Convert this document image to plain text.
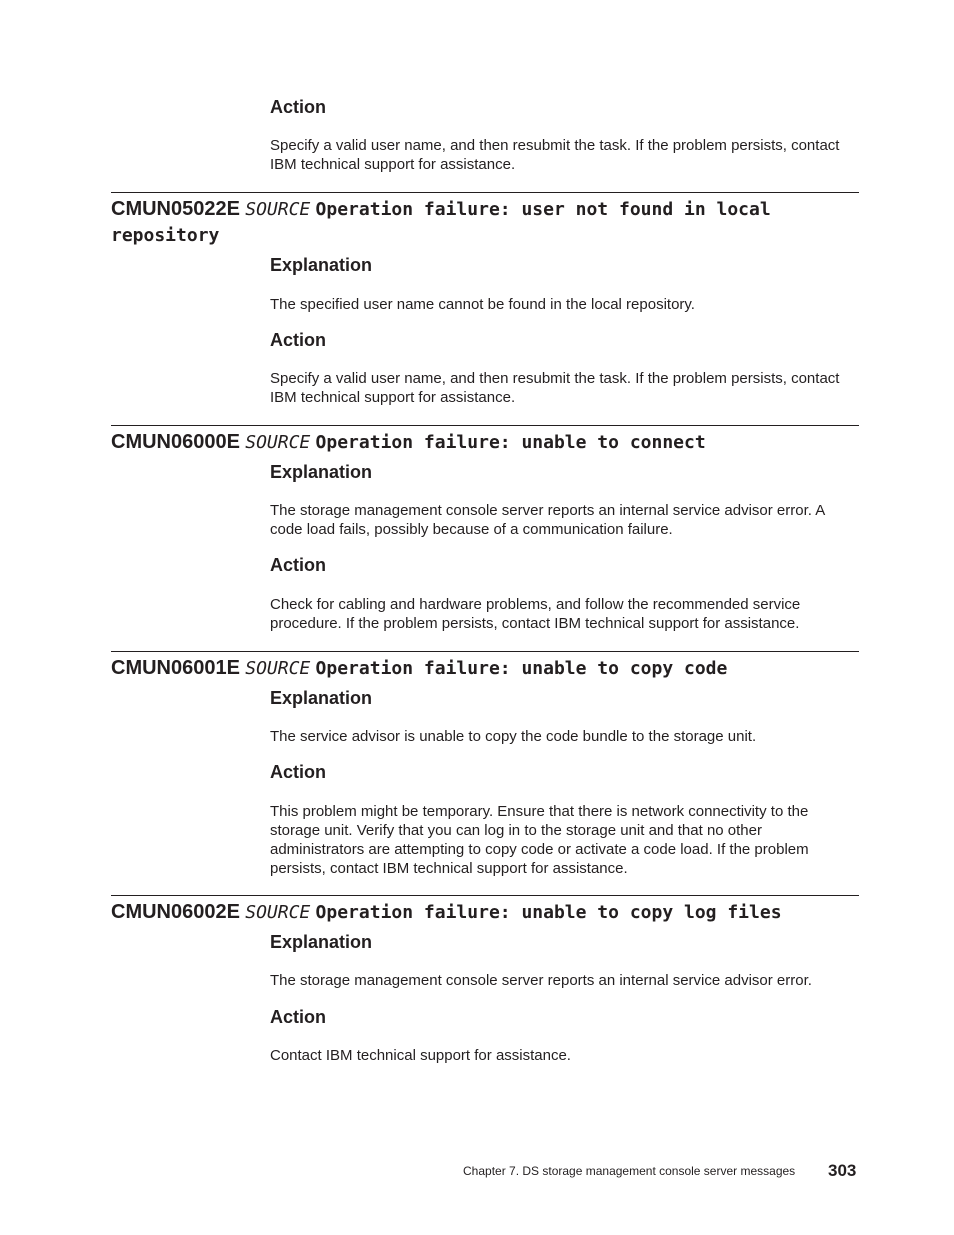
Action

Specify a valid user name, and then resubmit the task. If the problem persists, contact IBM technical support for assistance.

CMUN05022E SOURCE Operation failure: user not found in local repository
Explanation

The specified user name cannot be found in the local repository.

Action

Specify a valid user name, and then resubmit the task. If the problem persists, contact IBM technical support for assistance.

CMUN06000E SOURCE Operation failure: unable to connect
Explanation

The storage management console server reports an internal service advisor error. A code load fails, possibly because of a communication failure.

Action

Check for cabling and hardware problems, and follow the recommended service procedure. If the problem persists, contact IBM technical support for assistance.

CMUN06001E SOURCE Operation failure: unable to copy code
Explanation

The service advisor is unable to copy the code bundle to the storage unit.

Action

This problem might be temporary. Ensure that there is network connectivity to the storage unit. Verify that you can log in to the storage unit and that no other administrators are attempting to copy code or activate a code load. If the problem persists, contact IBM technical support for assistance.

CMUN06002E SOURCE Operation failure: unable to copy log files
Explanation

The storage management console server reports an internal service advisor error.

Action

Contact IBM technical support for assistance.

Chapter 7. DS storage management console server messages 303
